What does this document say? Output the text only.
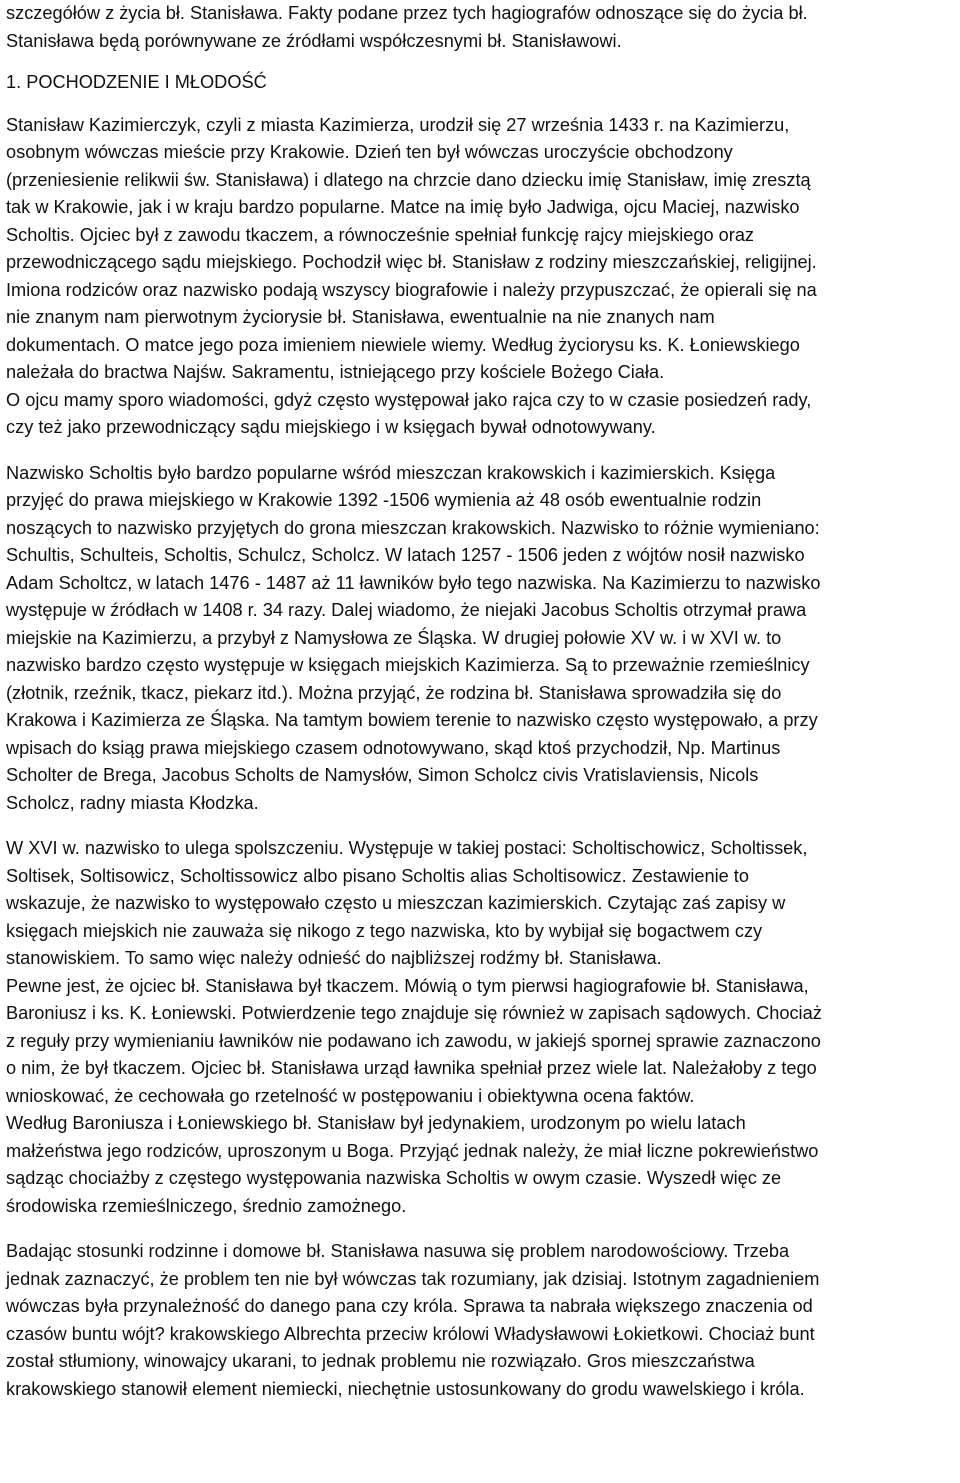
szczegółów z życia bł. Stanisława. Fakty podane przez tych hagiografów odnoszące się do życia bł.
Stanisława będą porównywane ze źródłami współczesnymi bł. Stanisławowi.
1. POCHODZENIE I MŁODOŚĆ
Stanisław Kazimierczyk, czyli z miasta Kazimierza, urodził się 27 września 1433 r. na Kazimierzu,
osobnym wówczas mieście przy Krakowie. Dzień ten był wówczas uroczyście obchodzony
(przeniesienie relikwii św. Stanisława) i dlatego na chrzcie dano dziecku imię Stanisław, imię zresztą
tak w Krakowie, jak i w kraju bardzo popularne. Matce na imię było Jadwiga, ojcu Maciej, nazwisko
Scholtis. Ojciec był z zawodu tkaczem, a równocześnie spełniał funkcję rajcy miejskiego oraz
przewodniczącego sądu miejskiego. Pochodził więc bł. Stanisław z rodziny mieszczańskiej, religijnej.
Imiona rodziców oraz nazwisko podają wszyscy biografowie i należy przypuszczać, że opierali się na
nie znanym nam pierwotnym życiorysie bł. Stanisława, ewentualnie na nie znanych nam
dokumentach. O matce jego poza imieniem niewiele wiemy. Według życiorysu ks. K. Łoniewskiego
należała do bractwa Najśw. Sakramentu, istniejącego przy kościele Bożego Ciała.
O ojcu mamy sporo wiadomości, gdyż często występował jako rajca czy to w czasie posiedzeń rady,
czy też jako przewodniczący sądu miejskiego i w księgach bywał odnotowywany.
Nazwisko Scholtis było bardzo popularne wśród mieszczan krakowskich i kazimierskich. Księga
przyjęć do prawa miejskiego w Krakowie 1392 -1506 wymienia aż 48 osób ewentualnie rodzin
noszących to nazwisko przyjętych do grona mieszczan krakowskich. Nazwisko to różnie wymieniano:
Schultis, Schulteis, Scholtis, Schulcz, Scholcz. W latach 1257 - 1506 jeden z wójtów nosił nazwisko
Adam Scholtcz, w latach 1476 - 1487 aż 11 ławników było tego nazwiska. Na Kazimierzu to nazwisko
występuje w źródłach w 1408 r. 34 razy. Dalej wiadomo, że niejaki Jacobus Scholtis otrzymał prawa
miejskie na Kazimierzu, a przybył z Namysłowa ze Śląska. W drugiej połowie XV w. i w XVI w. to
nazwisko bardzo często występuje w księgach miejskich Kazimierza. Są to przeważnie rzemieślnicy
(złotnik, rzeźnik, tkacz, piekarz itd.). Można przyjąć, że rodzina bł. Stanisława sprowadziła się do
Krakowa i Kazimierza ze Śląska. Na tamtym bowiem terenie to nazwisko często występowało, a przy
wpisach do ksiąg prawa miejskiego czasem odnotowywano, skąd ktoś przychodził, Np. Martinus
Scholter de Brega, Jacobus Scholts de Namysłów, Simon Scholcz civis Vratislaviensis, Nicols
Scholcz, radny miasta Kłodzka.
W XVI w. nazwisko to ulega spolszczeniu. Występuje w takiej postaci: Scholtischowicz, Scholtissek,
Soltisek, Soltisowicz, Scholtissowicz albo pisano Scholtis alias Scholtisowicz. Zestawienie to
wskazuje, że nazwisko to występowało często u mieszczan kazimierskich. Czytając zaś zapisy w
księgach miejskich nie zauważa się nikogo z tego nazwiska, kto by wybijał się bogactwem czy
stanowiskiem. To samo więc należy odnieść do najbliższej rodźmy bł. Stanisława.
Pewne jest, że ojciec bł. Stanisława był tkaczem. Mówią o tym pierwsi hagiografowie bł. Stanisława,
Baroniusz i ks. K. Łoniewski. Potwierdzenie tego znajduje się również w zapisach sądowych. Chociaż
z reguły przy wymienianiu ławników nie podawano ich zawodu, w jakiejś spornej sprawie zaznaczono
o nim, że był tkaczem. Ojciec bł. Stanisława urząd ławnika spełniał przez wiele lat. Należałoby z tego
wnioskować, że cechowała go rzetelność w postępowaniu i obiektywna ocena faktów.
Według Baroniusza i Łoniewskiego bł. Stanisław był jedynakiem, urodzonym po wielu latach
małżeństwa jego rodziców, uproszonym u Boga. Przyjąć jednak należy, że miał liczne pokrewieństwo
sądząc chociażby z częstego występowania nazwiska Scholtis w owym czasie. Wyszedł więc ze
środowiska rzemieślniczego, średnio zamożnego.
Badając stosunki rodzinne i domowe bł. Stanisława nasuwa się problem narodowościowy. Trzeba
jednak zaznaczyć, że problem ten nie był wówczas tak rozumiany, jak dzisiaj. Istotnym zagadnieniem
wówczas była przynależność do danego pana czy króla. Sprawa ta nabrała większego znaczenia od
czasów buntu wójt? krakowskiego Albrechta przeciw królowi Władysławowi Łokietkowi. Chociaż bunt
został stłumiony, winowajcy ukarani, to jednak problemu nie rozwiązało. Gros mieszczaństwa
krakowskiego stanowił element niemiecki, niechętnie ustosunkowany do grodu wawelskiego i króla.
